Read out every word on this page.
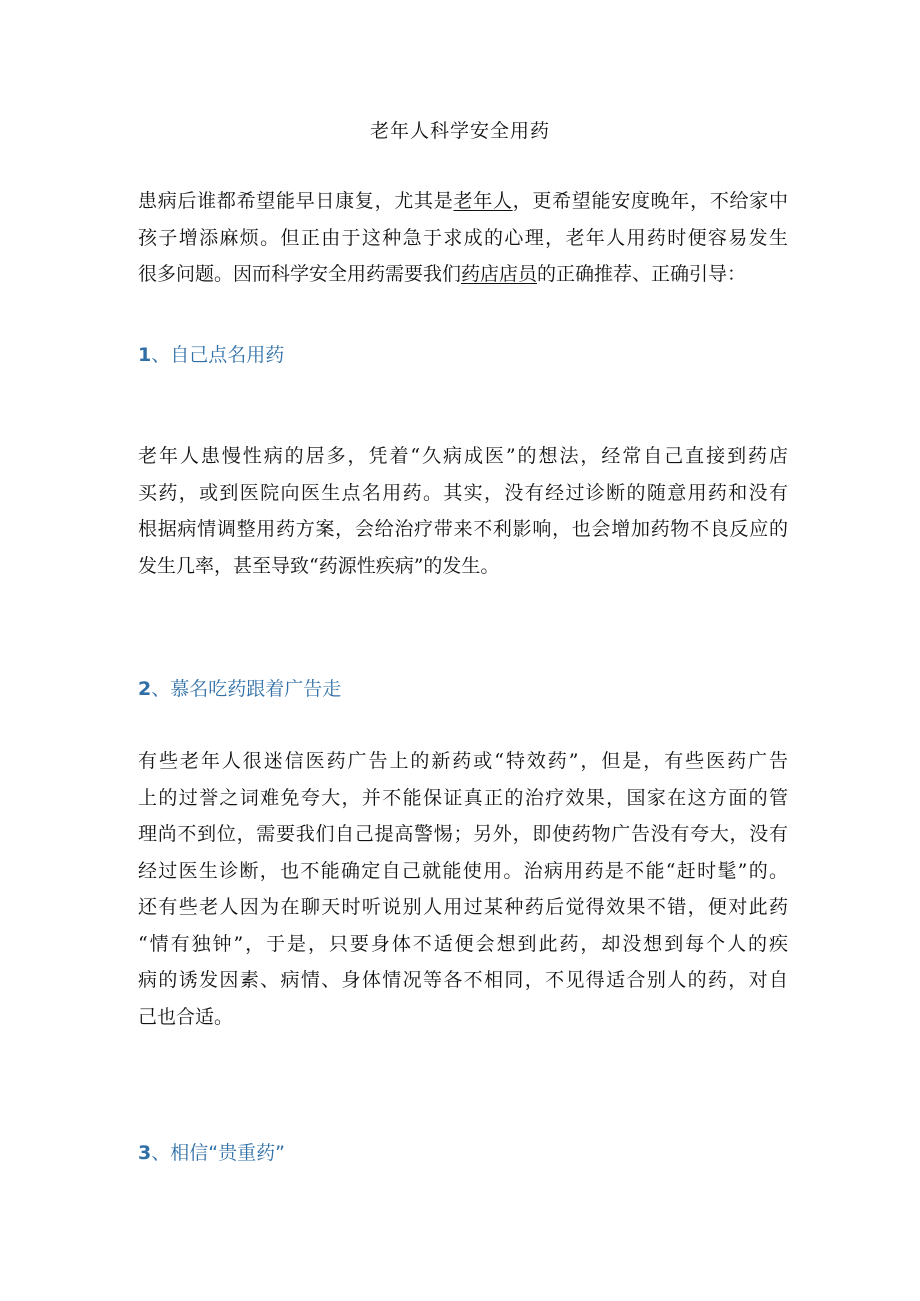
老年人科学安全用药

患病后谁都希望能早日康复，尤其是老年人，更希望能安度晚年，不给家中
孩子增添麻烦。但正由于这种急于求成的心理，老年人用药时便容易发生
很多问题。因而科学安全用药需要我们药店店员的正确推荐、正确引导：

1、自己点名用药

老年人患慢性病的居多，凭着“久病成医”的想法，经常自己直接到药店
买药，或到医院向医生点名用药。其实，没有经过诊断的随意用药和没有
根据病情调整用药方案，会给治疗带来不利影响，也会增加药物不良反应的
发生几率，甚至导致“药源性疾病”的发生。

2、慕名吃药跟着广告走

有些老年人很迷信医药广告上的新药或“特效药”，但是，有些医药广告
上的过誉之词难免夸大，并不能保证真正的治疗效果，国家在这方面的管
理尚不到位，需要我们自己提高警惕；另外，即使药物广告没有夸大，没有
经过医生诊断，也不能确定自己就能使用。治病用药是不能“赶时髦”的。
还有些老人因为在聊天时听说别人用过某种药后觉得效果不错，便对此药
“情有独钟”，于是，只要身体不适便会想到此药，却没想到每个人的疾
病的诱发因素、病情、身体情况等各不相同，不见得适合别人的药，对自
己也合适。

3、相信“贵重药”
